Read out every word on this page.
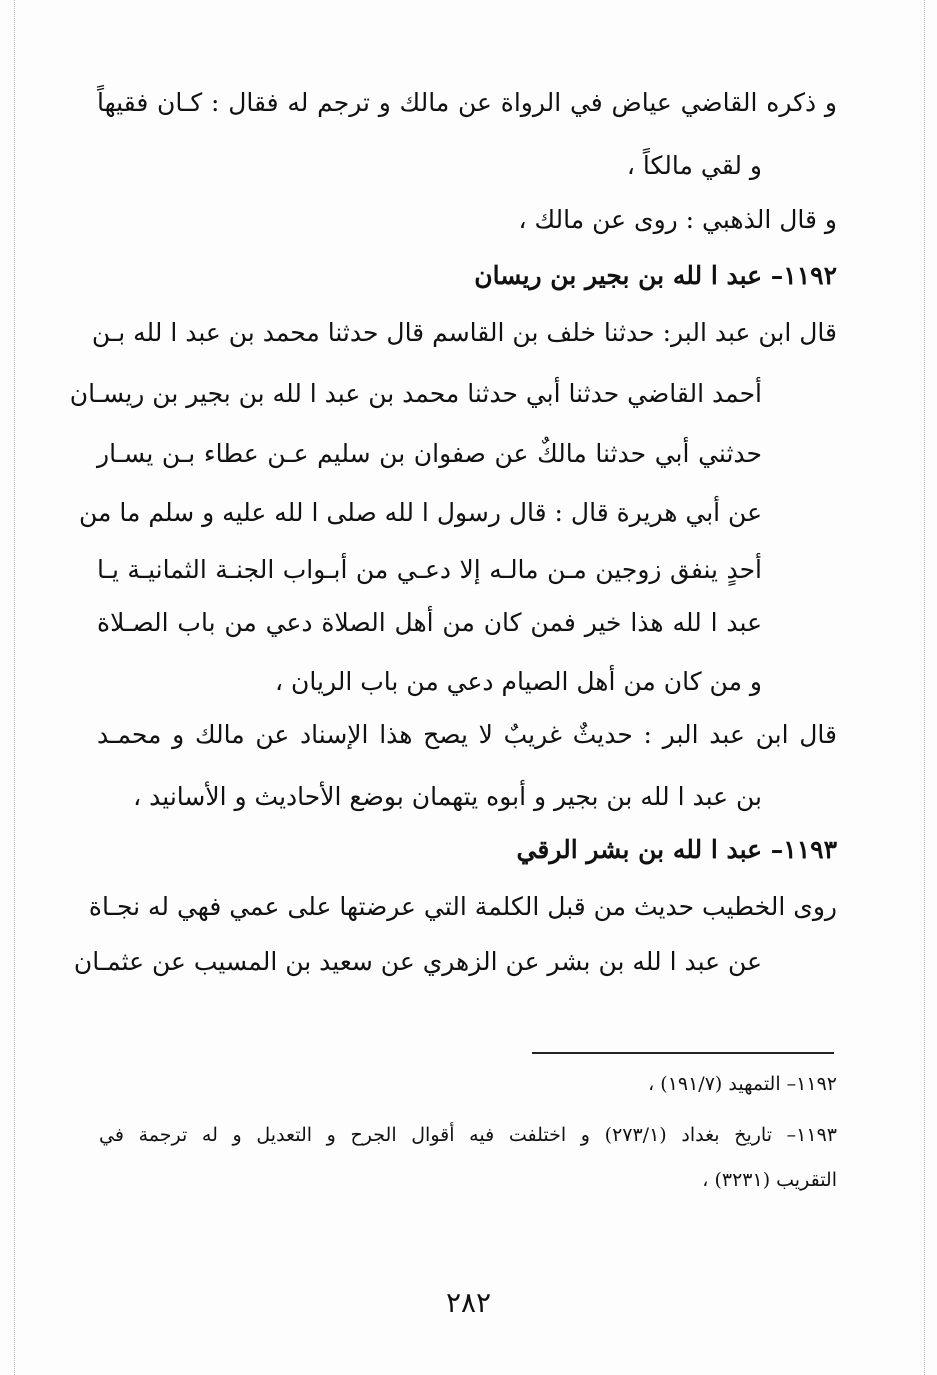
و ذكره القاضي عياض في الرواة عن مالك و ترجم له فقال : كـان فقيهاً
و لقي مالكاً ،
و قال الذهبي : روى عن مالك ،
١١٩٢– عبد ا لله بن بجير بن ريسان
قال ابن عبد البر: حدثنا خلف بن القاسم قال حدثنا محمد بن عبد ا لله بـن
أحمد القاضي حدثنا أبي حدثنا محمد بن عبد ا لله بن بجير بن ريسـان
حدثني أبي حدثنا مالكٌ عن صفوان بن سليم عـن عطاء بـن يسـار
عن أبي هريرة قال : قال رسول ا لله صلى ا لله عليه و سلم ما من
أحدٍ ينفق زوجين مـن مالـه إلا دعـي من أبـواب الجنـة الثمانيـة يـا
عبد ا لله هذا خير فمن كان من أهل الصلاة دعي من باب الصـلاة
و من كان من أهل الصيام دعي من باب الريان ،
قال ابن عبد البر : حديثٌ غريبٌ لا يصح هذا الإسناد عن مالك و محمـد
بن عبد ا لله بن بجير و أبوه يتهمان بوضع الأحاديث و الأسانيد ،
١١٩٣– عبد ا لله بن بشر الرقي
روى الخطيب حديث من قبل الكلمة التي عرضتها على عمي فهي له نجـاة
عن عبد ا لله بن بشر عن الزهري عن سعيد بن المسيب عن عثمـان
١١٩٢– التمهيد (١٩١/٧) ،
١١٩٣– تاريخ بغداد (٢٧٣/١) و اختلفت فيه أقوال الجرح و التعديل و له ترجمة في
التقريب (٣٢٣١) ،
٢٨٢
